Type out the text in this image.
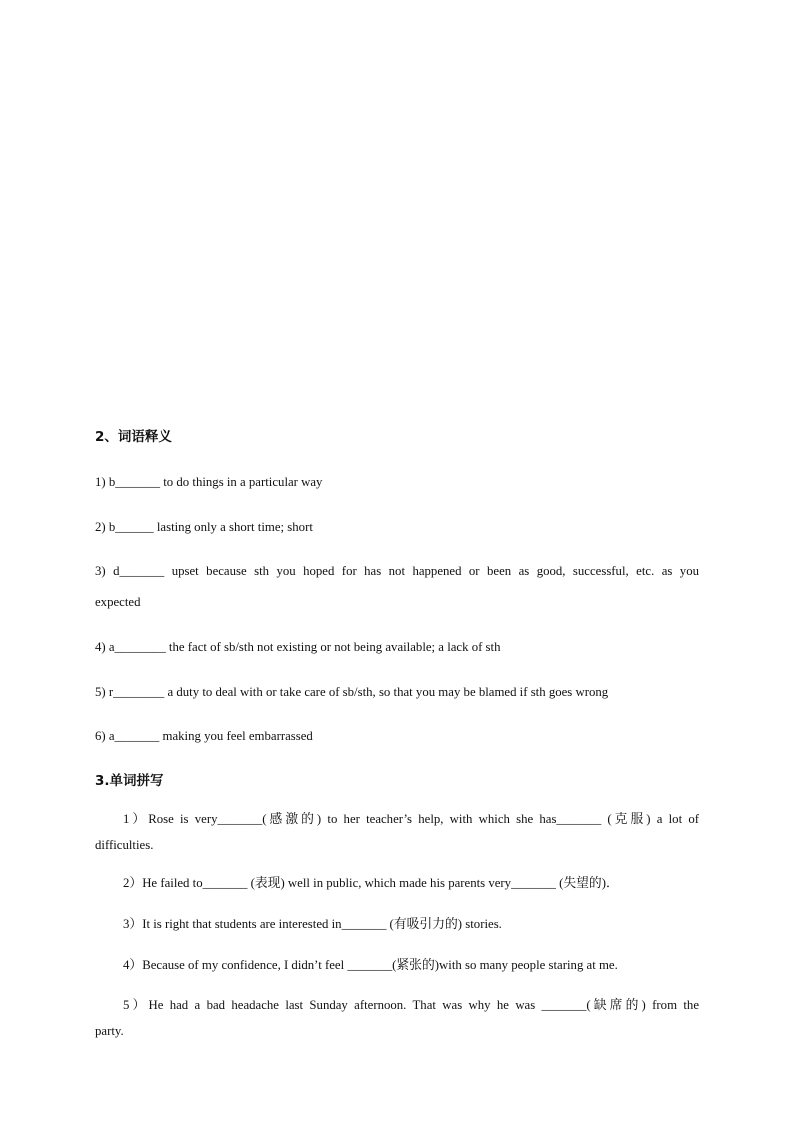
2、词语释义
1) b_______ to do things in a particular way
2) b______ lasting only a short time; short
3) d_______ upset because sth you hoped for has not happened or been as good, successful, etc. as you
expected
4) a________ the fact of sb/sth not existing or not being available; a lack of sth
5) r________ a duty to deal with or take care of sb/sth, so that you may be blamed if sth goes wrong
6) a_______ making you feel embarrassed
3.单词拼写
1）Rose is very_______(感激的) to her teacher’s help, with which she has_______ (克服) a lot of
difficulties.
2）He failed to_______ (表现) well in public, which made his parents very_______ (失望的)．
3）It is right that students are interested in_______ (有吸引力的) stories.
4）Because of my confidence, I didn’t feel _______(紧张的)with so many people staring at me.
5）He had a bad headache last Sunday afternoon. That was why he was _______(缺席的) from the
party.
